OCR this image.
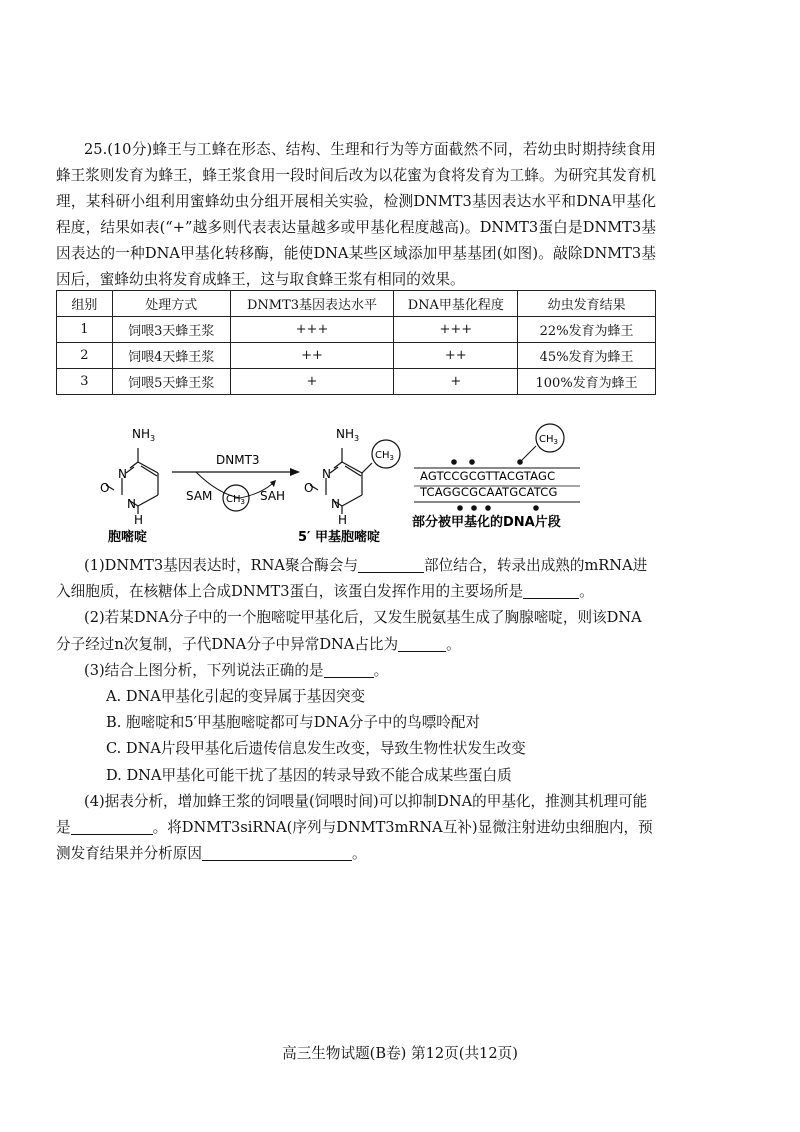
25.(10分)蜂王与工蜂在形态、结构、生理和行为等方面截然不同，若幼虫时期持续食用蜂王浆则发育为蜂王，蜂王浆食用一段时间后改为以花蜜为食将发育为工蜂。为研究其发育机理，某科研小组利用蜜蜂幼虫分组开展相关实验，检测DNMT3基因表达水平和DNA甲基化程度，结果如表(“+”越多则代表表达量越多或甲基化程度越高)。DNMT3蛋白是DNMT3基因表达的一种DNA甲基化转移酶，能使DNA某些区域添加甲基基团(如图)。敲除DNMT3基因后，蜜蜂幼虫将发育成蜂王，这与取食蜂王浆有相同的效果。

组别	处理方式	DNMT3基因表达水平	DNA甲基化程度	幼虫发育结果
1	饲喂3天蜂王浆	+++	+++	22%发育为蜂王
2	饲喂4天蜂王浆	++	++	45%发育为蜂王
3	饲喂5天蜂王浆	+	+	100%发育为蜂王
$NH_3$
N
N
O
H
胞嘧啶
DNMT3
SAM	SAH
$CH_3$
$NH_3$
N
N
O
H
$CH_3$
5′ 甲基胞嘧啶
AGTCCGCGTTACGTAGC
TCAGGCGCAATGCATCG
$CH_3$
部分被甲基化的DNA片段

(1)DNMT3基因表达时，RNA聚合酶会与	部位结合，转录出成熟的mRNA进入细胞质，在核糖体上合成DNMT3蛋白，该蛋白发挥作用的主要场所是	。

(2)若某DNA分子中的一个胞嘧啶甲基化后，又发生脱氨基生成了胸腺嘧啶，则该DNA分子经过n次复制，子代DNA分子中异常DNA占比为	。

(3)结合上图分析，下列说法正确的是	。

A. DNA甲基化引起的变异属于基因突变

B. 胞嘧啶和5′甲基胞嘧啶都可与DNA分子中的鸟嘌呤配对

C. DNA片段甲基化后遗传信息发生改变，导致生物性状发生改变

D. DNA甲基化可能干扰了基因的转录导致不能合成某些蛋白质

(4)据表分析，增加蜂王浆的饲喂量(饲喂时间)可以抑制DNA的甲基化，推测其机理可能是	。将DNMT3siRNA(序列与DNMT3mRNA互补)显微注射进幼虫细胞内，预测发育结果并分析原因	。

高三生物试题(B卷) 第12页(共12页)
